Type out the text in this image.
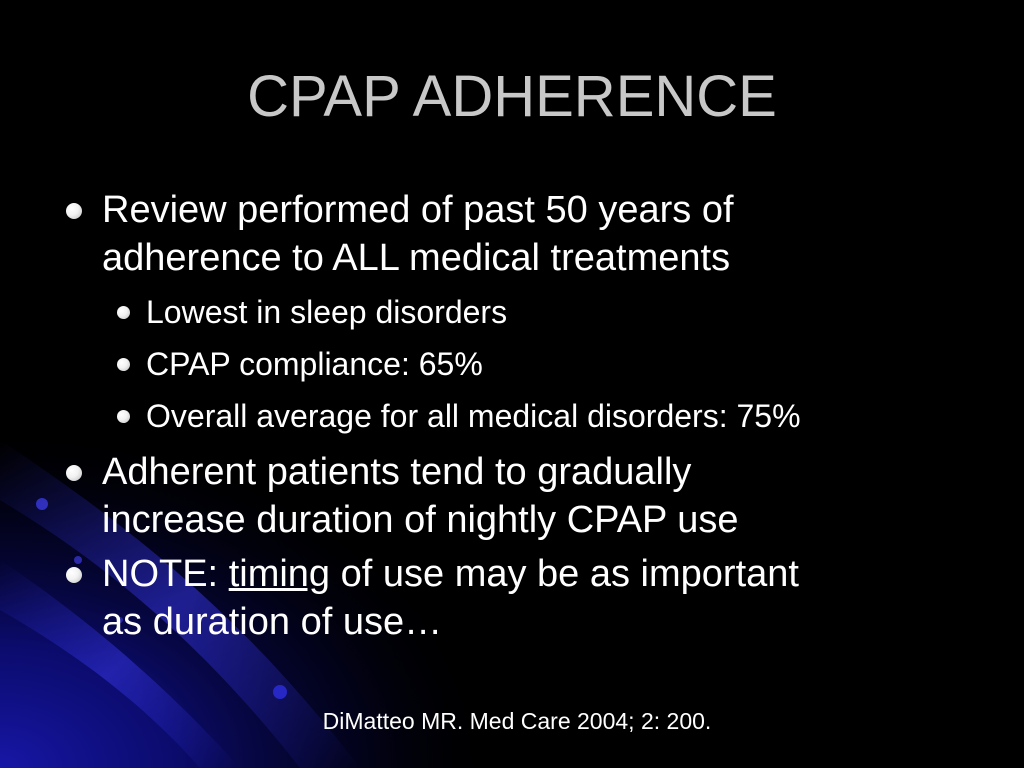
CPAP ADHERENCE
Review performed of past 50 years of
adherence to ALL medical treatments
Lowest in sleep disorders
CPAP compliance: 65%
Overall average for all medical disorders: 75%
Adherent patients tend to gradually
increase duration of nightly CPAP use
NOTE: timing of use may be as important
as duration of use…
DiMatteo MR. Med Care 2004; 2: 200.
